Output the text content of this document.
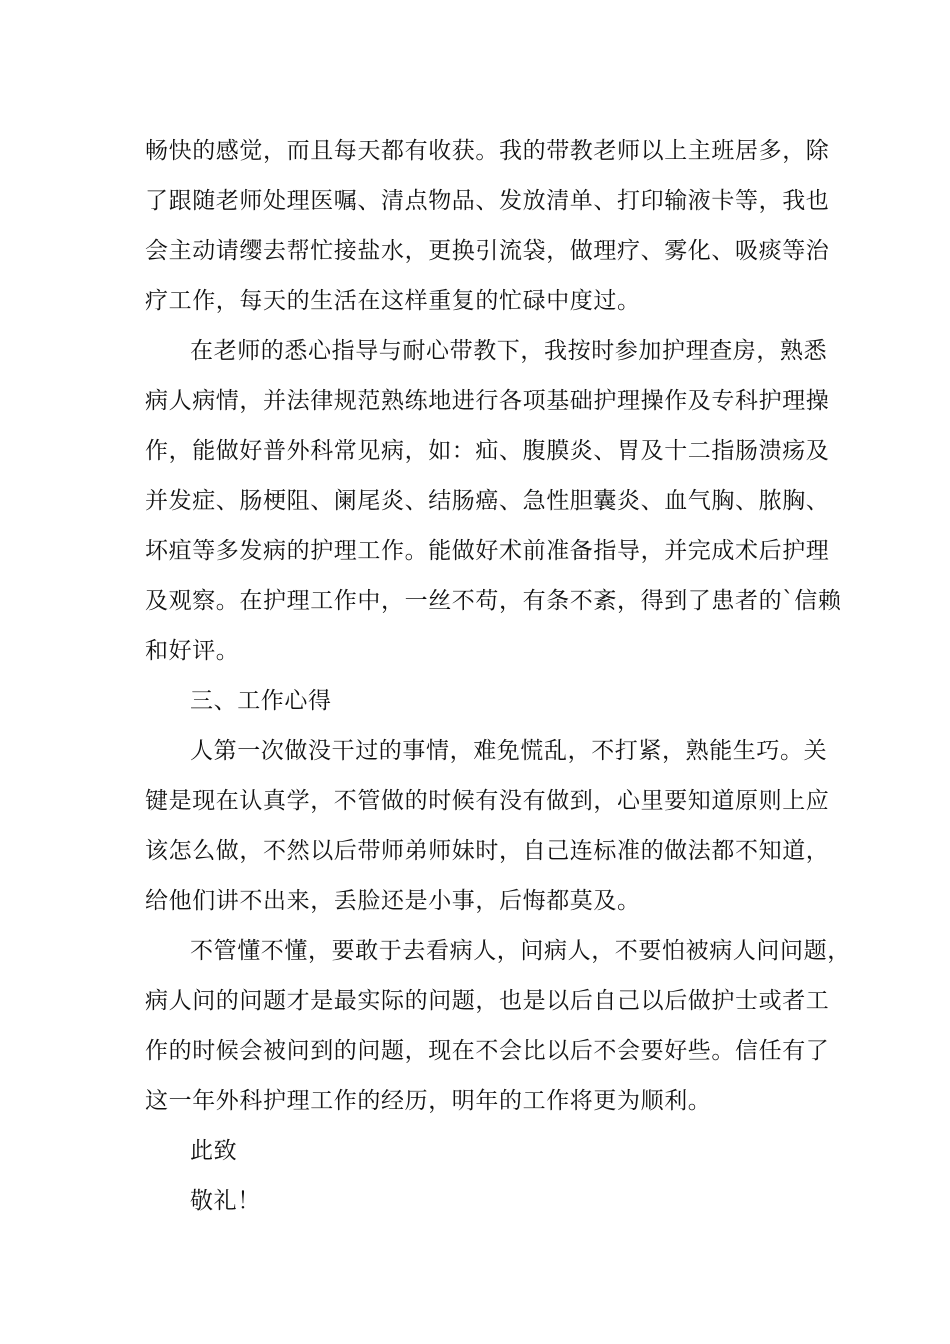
畅快的感觉，而且每天都有收获。我的带教老师以上主班居多，除
了跟随老师处理医嘱、清点物品、发放清单、打印输液卡等，我也
会主动请缨去帮忙接盐水，更换引流袋，做理疗、雾化、吸痰等治
疗工作，每天的生活在这样重复的忙碌中度过。
在老师的悉心指导与耐心带教下，我按时参加护理查房，熟悉
病人病情，并法律规范熟练地进行各项基础护理操作及专科护理操
作，能做好普外科常见病，如：疝、腹膜炎、胃及十二指肠溃疡及
并发症、肠梗阻、阑尾炎、结肠癌、急性胆囊炎、血气胸、脓胸、
坏疽等多发病的护理工作。能做好术前准备指导，并完成术后护理
及观察。在护理工作中，一丝不苟，有条不紊，得到了患者的`信赖
和好评。
三、工作心得
人第一次做没干过的事情，难免慌乱，不打紧，熟能生巧。关
键是现在认真学，不管做的时候有没有做到，心里要知道原则上应
该怎么做，不然以后带师弟师妹时，自己连标准的做法都不知道，
给他们讲不出来，丢脸还是小事，后悔都莫及。
不管懂不懂，要敢于去看病人，问病人，不要怕被病人问问题，
病人问的问题才是最实际的问题，也是以后自己以后做护士或者工
作的时候会被问到的问题，现在不会比以后不会要好些。信任有了
这一年外科护理工作的经历，明年的工作将更为顺利。
此致
敬礼！
